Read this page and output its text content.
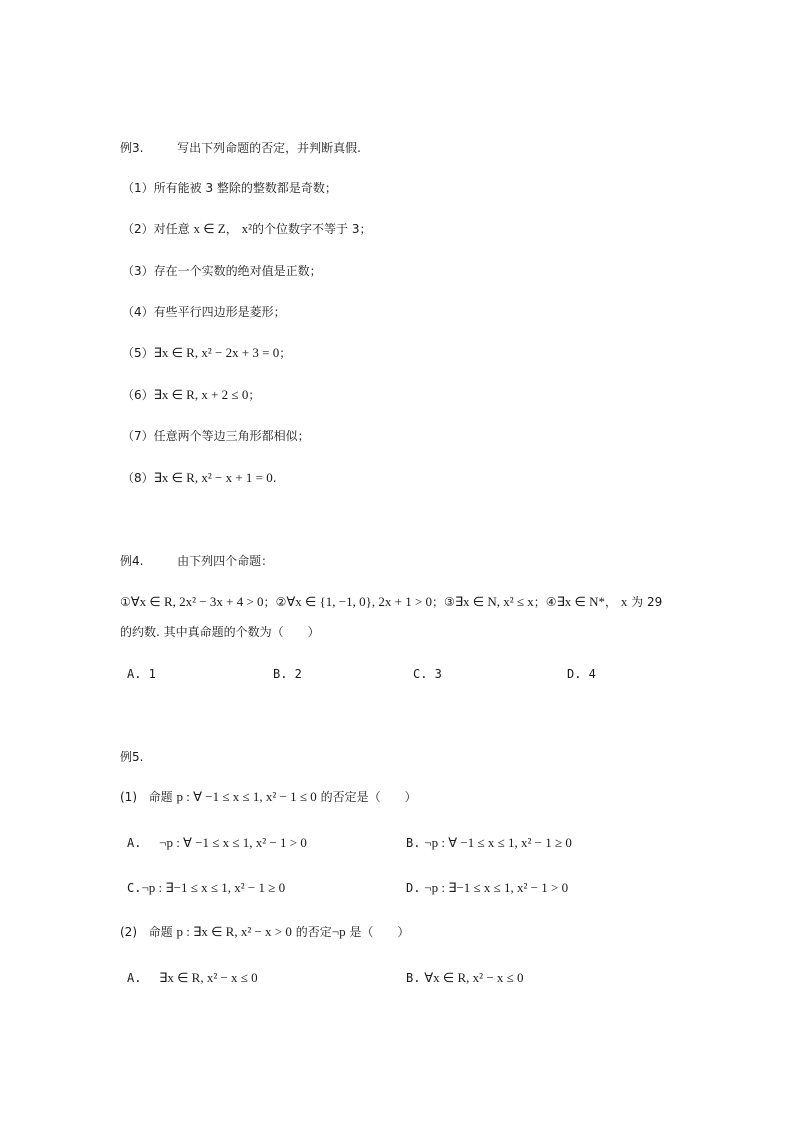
例3.	写出下列命题的否定，并判断真假.
（1）所有能被 3 整除的整数都是奇数；
（2）对任意 x ∈ Z， x²的个位数字不等于 3；
（3）存在一个实数的绝对值是正数；
（4）有些平行四边形是菱形；
（5）∃x ∈ R, x² − 2x + 3 = 0；
（6）∃x ∈ R, x + 2 ≤ 0；
（7）任意两个等边三角形都相似；
（8）∃x ∈ R, x² − x + 1 = 0.
例4.	由下列四个命题：
①∀x ∈ R, 2x² − 3x + 4 > 0；②∀x ∈ {1, −1, 0}, 2x + 1 > 0；③∃x ∈ N, x² ≤ x；④∃x ∈ N*， x 为 29
的约数. 其中真命题的个数为（　　）
A. 1	B. 2	C. 3	D. 4
例5.
(1) 命题 p : ∀ −1 ≤ x ≤ 1, x² − 1 ≤ 0 的否定是（　　）
A. ¬p : ∀ −1 ≤ x ≤ 1, x² − 1 > 0	B. ¬p : ∀ −1 ≤ x ≤ 1, x² − 1 ≥ 0
C.¬p : ∃−1 ≤ x ≤ 1, x² − 1 ≥ 0	D. ¬p : ∃−1 ≤ x ≤ 1, x² − 1 > 0
(2) 命题 p : ∃x ∈ R, x² − x > 0 的否定¬p 是（　　）
A. ∃x ∈ R, x² − x ≤ 0	B. ∀x ∈ R, x² − x ≤ 0
